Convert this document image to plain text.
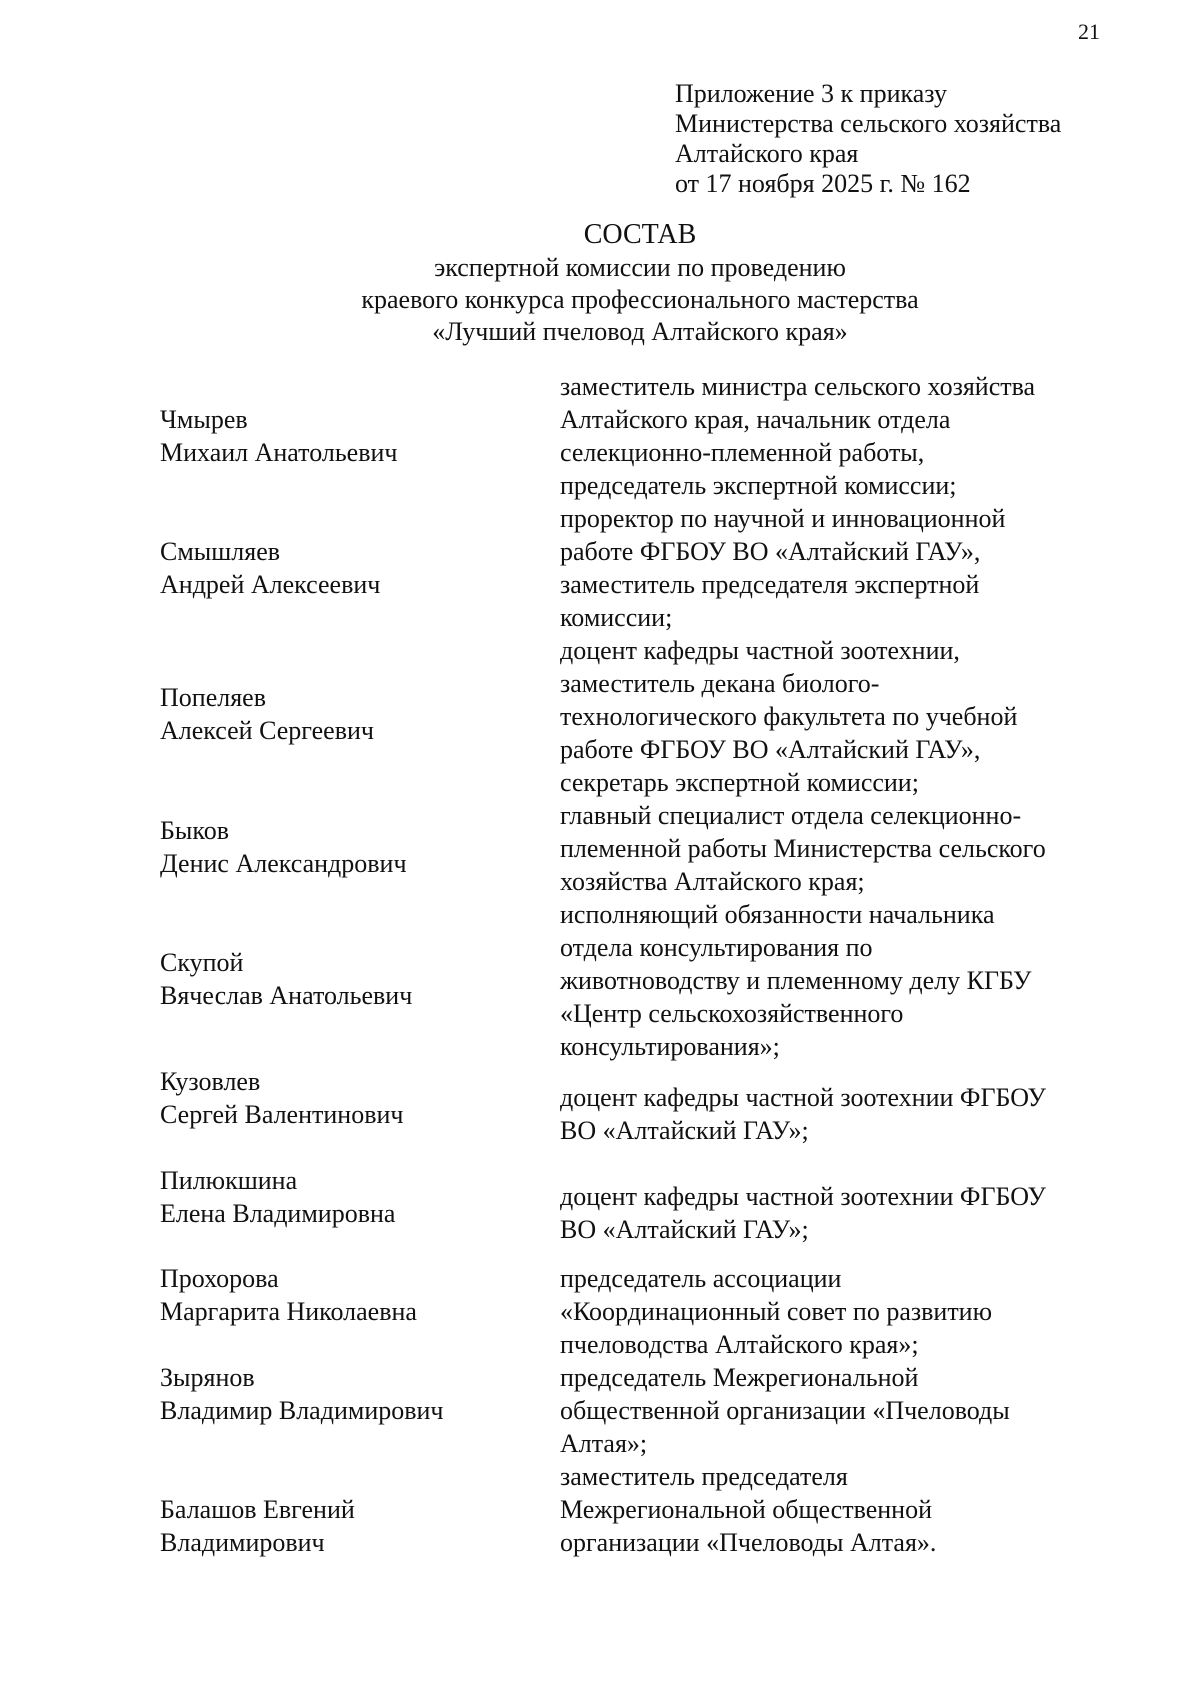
21
Приложение 3 к приказу
Министерства сельского хозяйства
Алтайского края
от 17 ноября 2025 г. № 162
СОСТАВ
экспертной комиссии по проведению
краевого конкурса профессионального мастерства
«Лучший пчеловод Алтайского края»
Чмырев
Михаил Анатольевич
заместитель министра сельского хозяйства
Алтайского края, начальник отдела
селекционно-племенной работы,
председатель экспертной комиссии;
Смышляев
Андрей Алексеевич
проректор по научной и инновационной
работе ФГБОУ ВО «Алтайский ГАУ»,
заместитель председателя экспертной
комиссии;
Попеляев
Алексей Сергеевич
доцент кафедры частной зоотехнии,
заместитель декана биолого-
технологического факультета по учебной
работе ФГБОУ ВО «Алтайский ГАУ»,
секретарь экспертной комиссии;
Быков
Денис Александрович
главный специалист отдела селекционно-
племенной работы Министерства сельского
хозяйства Алтайского края;
Скупой
Вячеслав Анатольевич
исполняющий обязанности начальника
отдела консультирования по
животноводству и племенному делу КГБУ
«Центр сельскохозяйственного
консультирования»;
Кузовлев
Сергей Валентинович
доцент кафедры частной зоотехнии ФГБОУ
ВО «Алтайский ГАУ»;
Пилюкшина
Елена Владимировна
доцент кафедры частной зоотехнии ФГБОУ
ВО «Алтайский ГАУ»;
Прохорова
Маргарита Николаевна
председатель ассоциации
«Координационный совет по развитию
пчеловодства Алтайского края»;
Зырянов
Владимир Владимирович
председатель Межрегиональной
общественной организации «Пчеловоды
Алтая»;
Балашов Евгений
Владимирович
заместитель председателя
Межрегиональной общественной
организации «Пчеловоды Алтая».
